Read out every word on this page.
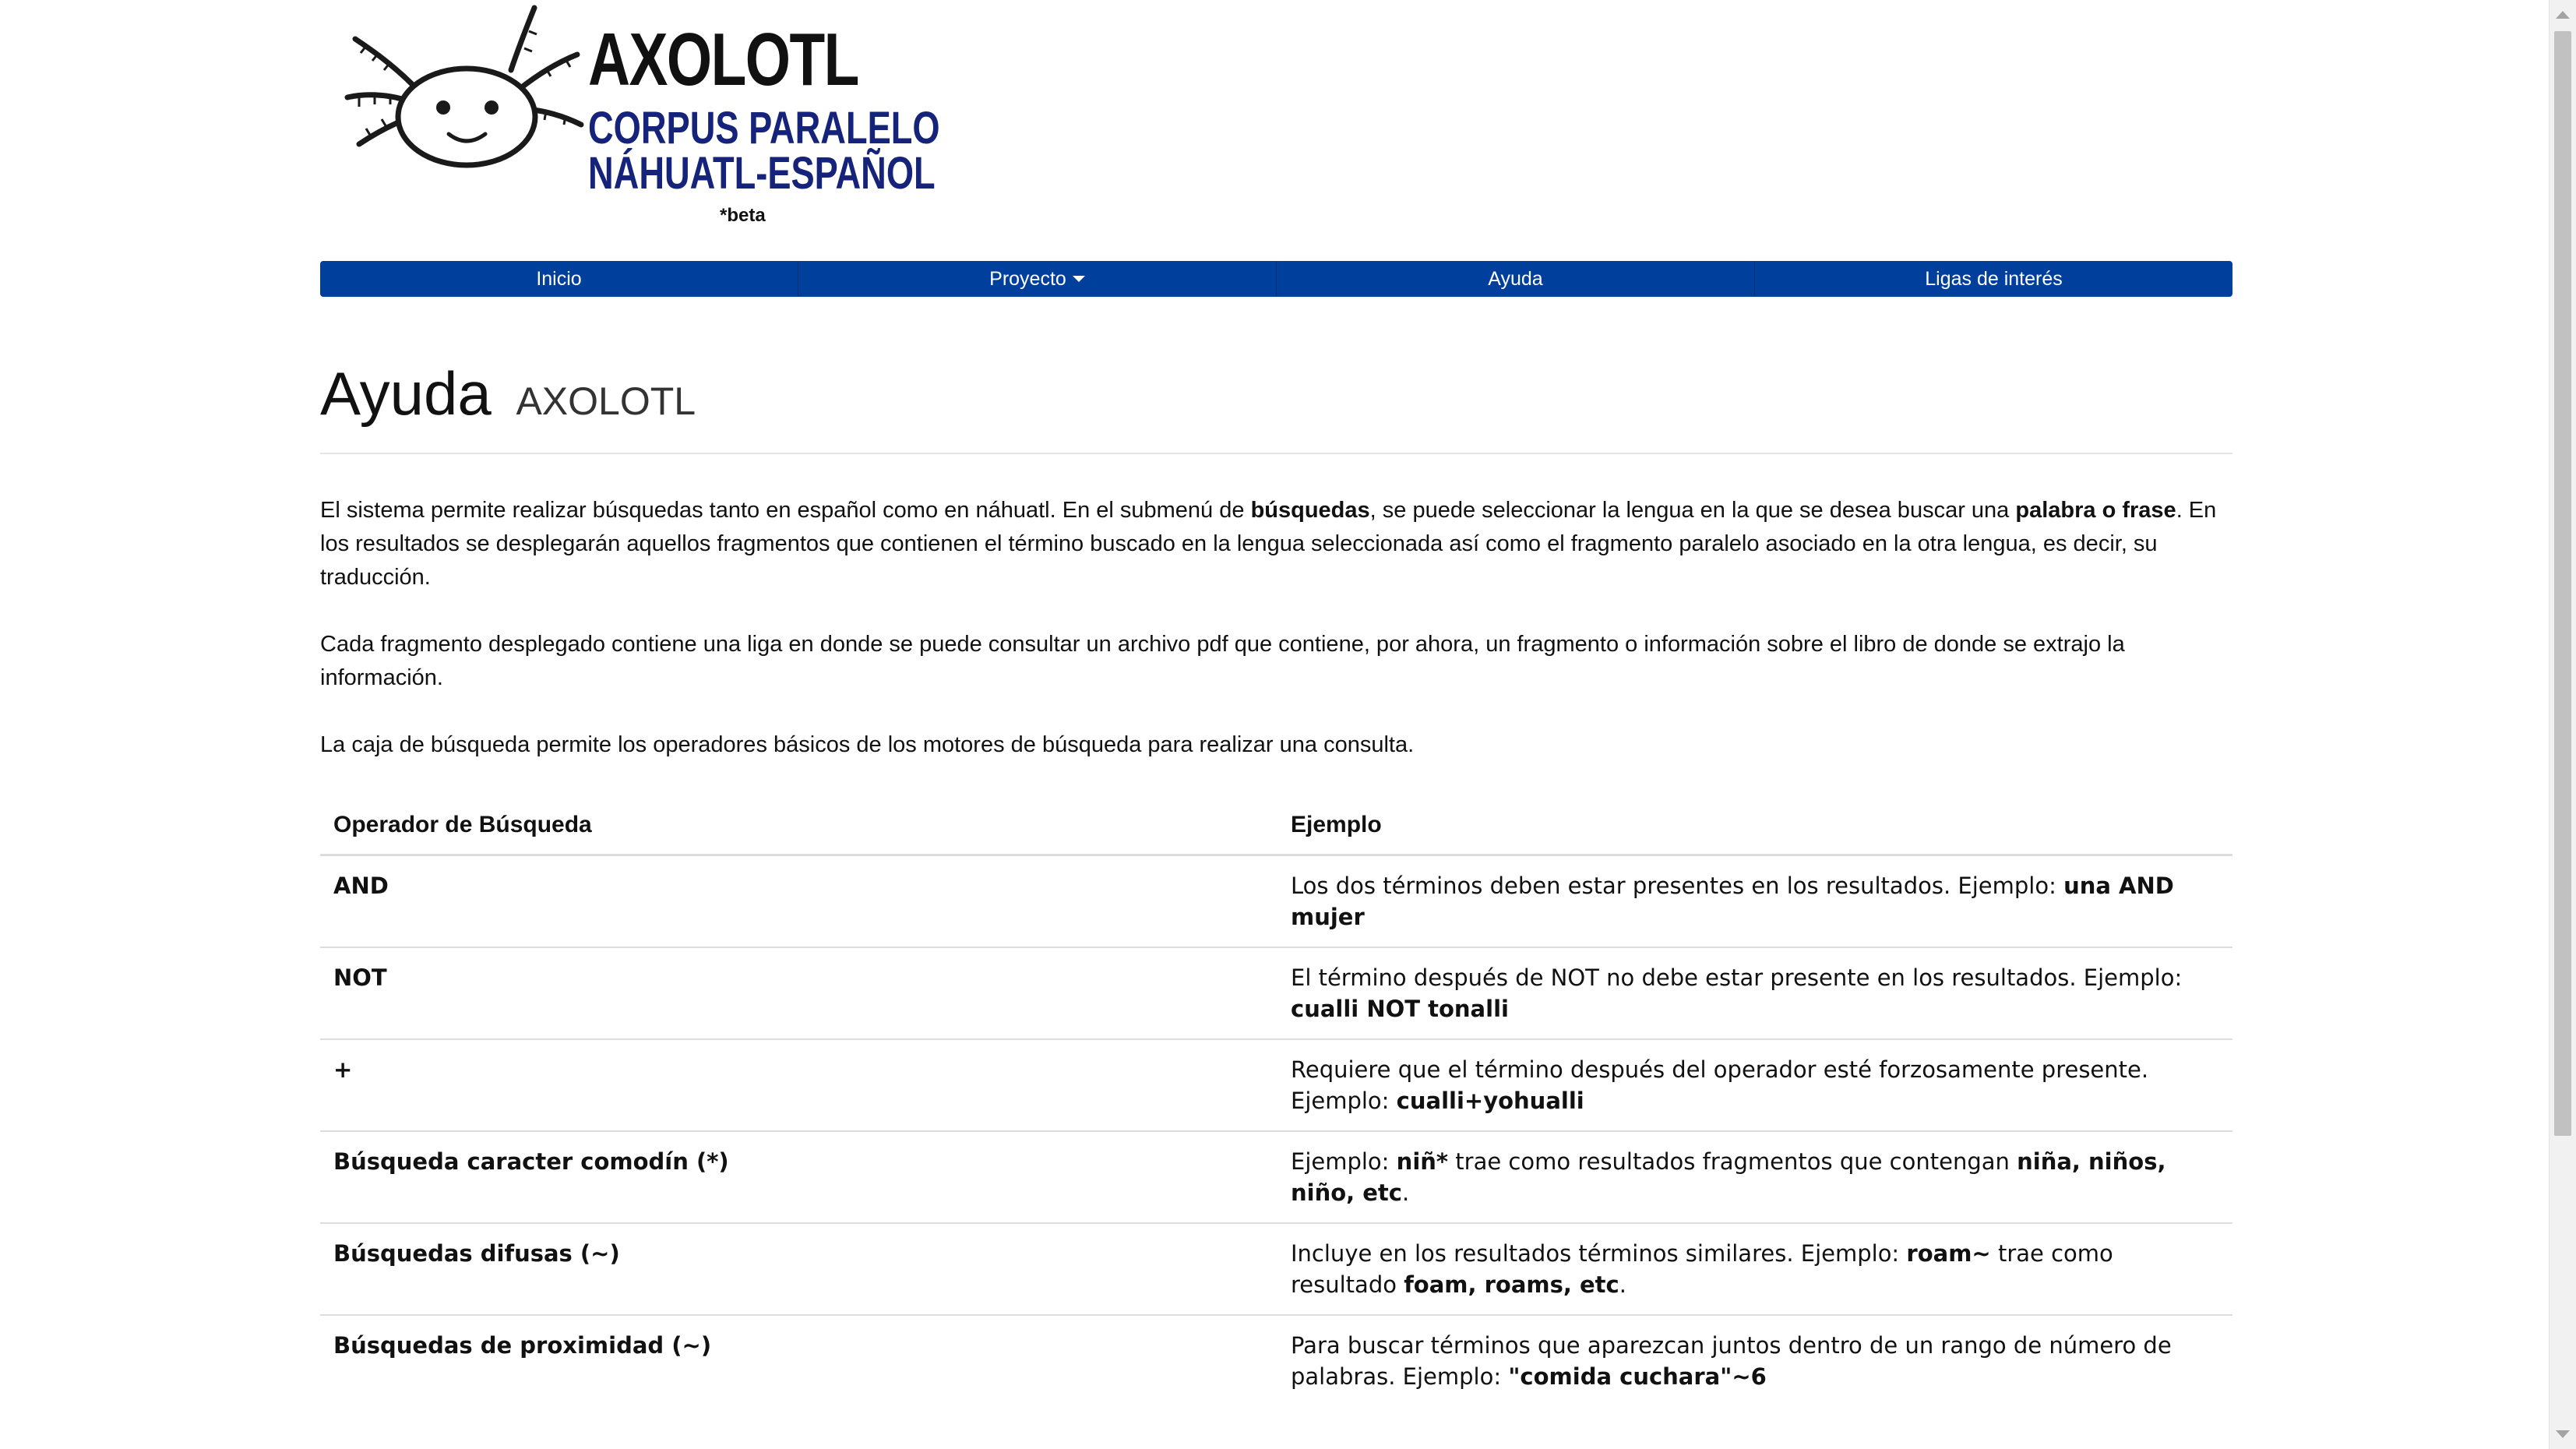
AXOLOTL
CORPUS PARALELO
NÁHUATL-ESPAÑOL
*beta
Inicio	Proyecto	Ayuda	Ligas de interés
Ayuda AXOLOTL

El sistema permite realizar búsquedas tanto en español como en náhuatl. En el submenú de búsquedas, se puede seleccionar la lengua en la que se desea buscar una palabra o frase. En los resultados se desplegarán aquellos fragmentos que contienen el término buscado en la lengua seleccionada así como el fragmento paralelo asociado en la otra lengua, es decir, su traducción.

Cada fragmento desplegado contiene una liga en donde se puede consultar un archivo pdf que contiene, por ahora, un fragmento o información sobre el libro de donde se extrajo la información.

La caja de búsqueda permite los operadores básicos de los motores de búsqueda para realizar una consulta.

Operador de Búsqueda	Ejemplo
AND	Los dos términos deben estar presentes en los resultados. Ejemplo: una AND mujer
NOT	El término después de NOT no debe estar presente en los resultados. Ejemplo: cualli NOT tonalli
+	Requiere que el término después del operador esté forzosamente presente. Ejemplo: cualli+yohualli
Búsqueda caracter comodín (*)	Ejemplo: niñ* trae como resultados fragmentos que contengan niña, niños, niño, etc.
Búsquedas difusas (~)	Incluye en los resultados términos similares. Ejemplo: roam~ trae como resultado foam, roams, etc.
Búsquedas de proximidad (~)	Para buscar términos que aparezcan juntos dentro de un rango de número de palabras. Ejemplo: "comida cuchara"~6
